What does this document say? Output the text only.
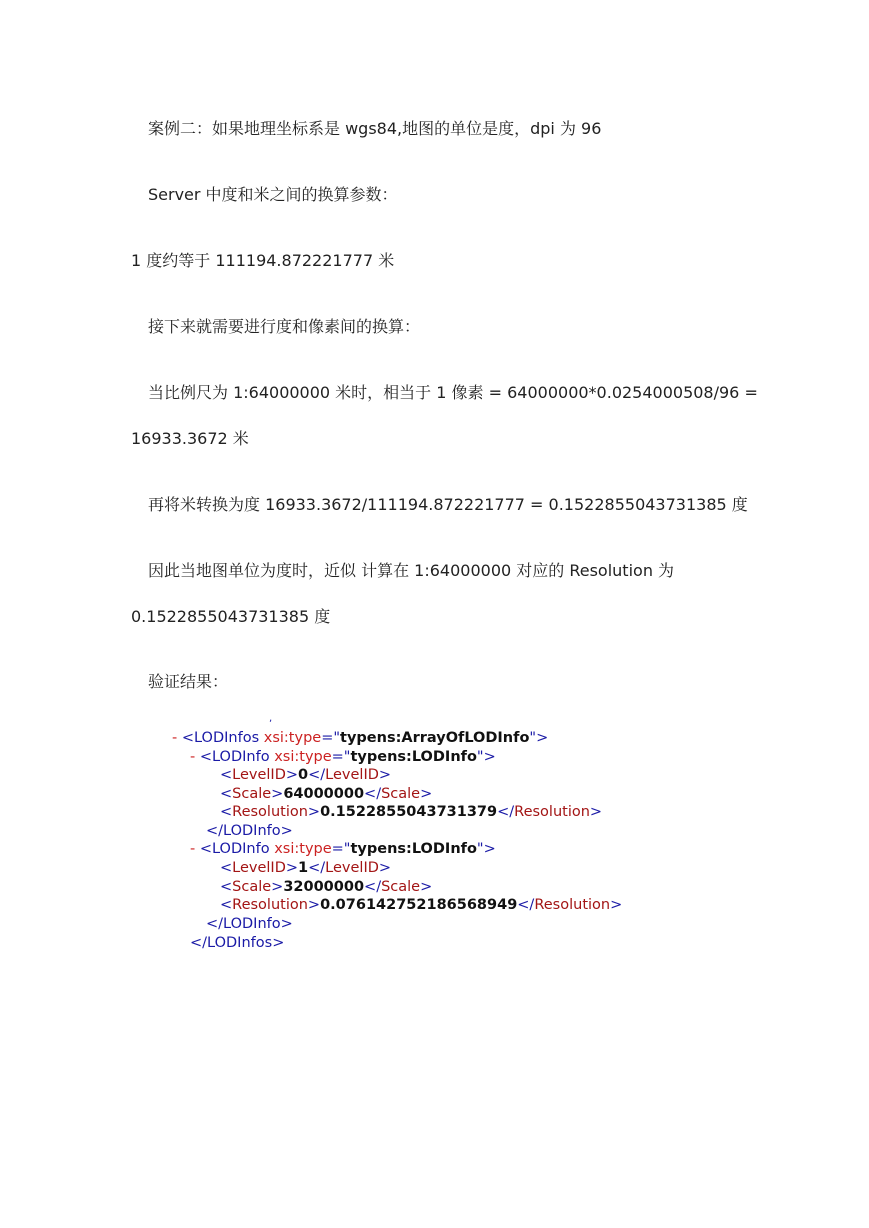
案例二：如果地理坐标系是 wgs84,地图的单位是度，dpi 为 96
Server 中度和米之间的换算参数：
1 度约等于 111194.872221777 米
接下来就需要进行度和像素间的换算：
当比例尺为 1:64000000 米时，相当于 1 像素 = 64000000*0.0254000508/96 =
16933.3672 米
再将米转换为度 16933.3672/111194.872221777 = 0.1522855043731385 度
因此当地图单位为度时，近似 计算在 1:64000000 对应的 Resolution 为
0.1522855043731385 度
验证结果：
,
- <LODInfos xsi:type="typens:ArrayOfLODInfo">
- <LODInfo xsi:type="typens:LODInfo">
<LevelID>0</LevelID>
<Scale>64000000</Scale>
<Resolution>0.1522855043731379</Resolution>
</LODInfo>
- <LODInfo xsi:type="typens:LODInfo">
<LevelID>1</LevelID>
<Scale>32000000</Scale>
<Resolution>0.076142752186568949</Resolution>
</LODInfo>
</LODInfos>
